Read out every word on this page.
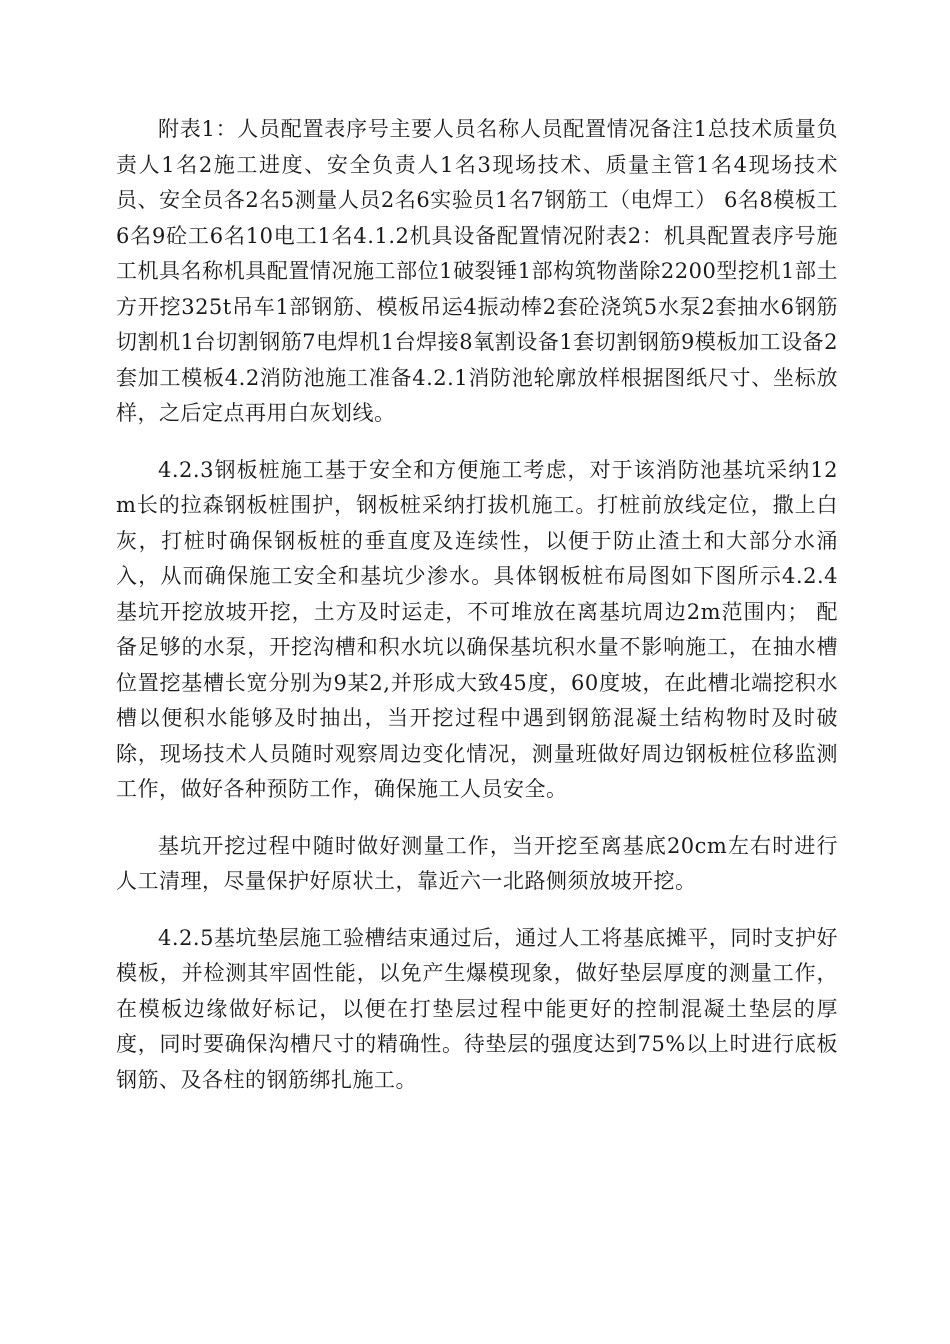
附表1：人员配置表序号主要人员名称人员配置情况备注1总技术质量负责人1名2施工进度、安全负责人1名3现场技术、质量主管1名4现场技术员、安全员各2名5测量人员2名6实验员1名7钢筋工（电焊工） 6名8模板工6名9砼工6名10电工1名4.1.2机具设备配置情况附表2：机具配置表序号施工机具名称机具配置情况施工部位1破裂锤1部构筑物凿除2200型挖机1部土方开挖325t吊车1部钢筋、模板吊运4振动棒2套砼浇筑5水泵2套抽水6钢筋切割机1台切割钢筋7电焊机1台焊接8氧割设备1套切割钢筋9模板加工设备2套加工模板4.2消防池施工准备4.2.1消防池轮廓放样根据图纸尺寸、坐标放样，之后定点再用白灰划线。

4.2.3钢板桩施工基于安全和方便施工考虑，对于该消防池基坑采纳12m长的拉森钢板桩围护，钢板桩采纳打拔机施工。打桩前放线定位，撒上白灰，打桩时确保钢板桩的垂直度及连续性，以便于防止渣土和大部分水涌入，从而确保施工安全和基坑少渗水。具体钢板桩布局图如下图所示4.2.4基坑开挖放坡开挖，土方及时运走，不可堆放在离基坑周边2m范围内； 配备足够的水泵，开挖沟槽和积水坑以确保基坑积水量不影响施工，在抽水槽位置挖基槽长宽分别为9某2,并形成大致45度，60度坡，在此槽北端挖积水槽以便积水能够及时抽出，当开挖过程中遇到钢筋混凝土结构物时及时破除，现场技术人员随时观察周边变化情况，测量班做好周边钢板桩位移监测工作，做好各种预防工作，确保施工人员安全。

基坑开挖过程中随时做好测量工作，当开挖至离基底20cm左右时进行人工清理，尽量保护好原状土，靠近六一北路侧须放坡开挖。

4.2.5基坑垫层施工验槽结束通过后，通过人工将基底摊平，同时支护好模板，并检测其牢固性能，以免产生爆模现象，做好垫层厚度的测量工作，在模板边缘做好标记，以便在打垫层过程中能更好的控制混凝土垫层的厚度，同时要确保沟槽尺寸的精确性。待垫层的强度达到75%以上时进行底板钢筋、及各柱的钢筋绑扎施工。
